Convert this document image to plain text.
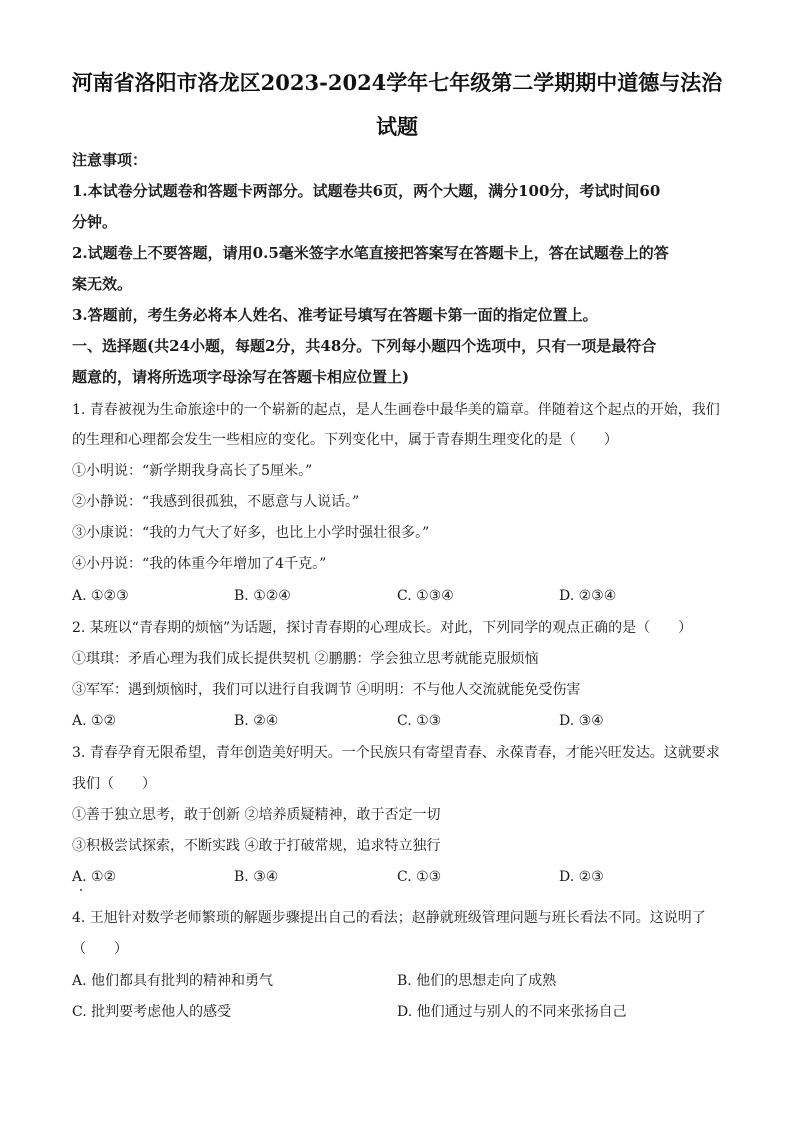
河南省洛阳市洛龙区2023-2024学年七年级第二学期期中道德与法治
试题
注意事项：
1.本试卷分试题卷和答题卡两部分。试题卷共6页，两个大题，满分100分，考试时间60
分钟。
2.试题卷上不要答题，请用0.5毫米签字水笔直接把答案写在答题卡上，答在试题卷上的答
案无效。
3.答题前，考生务必将本人姓名、准考证号填写在答题卡第一面的指定位置上。
一、选择题(共24小题，每题2分，共48分。下列每小题四个选项中，只有一项是最符合
题意的，请将所选项字母涂写在答题卡相应位置上)
1. 青春被视为生命旅途中的一个崭新的起点，是人生画卷中最华美的篇章。伴随着这个起点的开始，我们
的生理和心理都会发生一些相应的变化。下列变化中，属于青春期生理变化的是（　　）
①小明说：“新学期我身高长了5厘米。”
②小静说：“我感到很孤独，不愿意与人说话。”
③小康说：“我的力气大了好多，也比上小学时强壮很多。”
④小丹说：“我的体重今年增加了4千克。”
A. ①②③	B. ①②④	C. ①③④	D. ②③④
2. 某班以“青春期的烦恼”为话题，探讨青春期的心理成长。对此，下列同学的观点正确的是（　　）
①琪琪：矛盾心理为我们成长提供契机 ②鹏鹏：学会独立思考就能克服烦恼
③军军：遇到烦恼时，我们可以进行自我调节 ④明明：不与他人交流就能免受伤害
A. ①②	B. ②④	C. ①③	D. ③④
3. 青春孕育无限希望，青年创造美好明天。一个民族只有寄望青春、永葆青春，才能兴旺发达。这就要求
我们（　　）
①善于独立思考，敢于创新 ②培养质疑精神，敢于否定一切
③积极尝试探索，不断实践 ④敢于打破常规，追求特立独行
A. ①②	B. ③④	C. ①③	D. ②③
4. 王旭针对数学老师繁琐的解题步骤提出自己的看法；赵静就班级管理问题与班长看法不同。这说明了
（　　）
A. 他们都具有批判的精神和勇气	B. 他们的思想走向了成熟
C. 批判要考虑他人的感受	D. 他们通过与别人的不同来张扬自己
